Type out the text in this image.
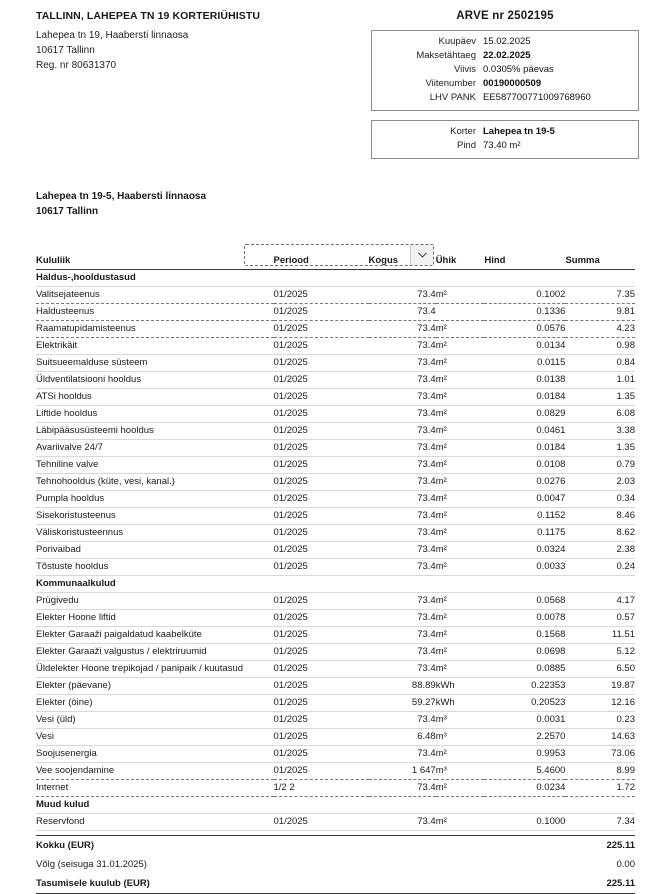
TALLINN, LAHEPEA TN 19 KORTERIÜHISTU
Lahepea tn 19, Haabersti linnaosa
10617 Tallinn
Reg. nr 80631370
ARVE nr 2502195
Kuupäev 15.02.2025
Maksetähtaeg 22.02.2025
Viivis 0.0305% päevas
Viitenumber 00190000509
LHV PANK EE587700771009768960
Korter Lahepea tn 19-5
Pind 73.40 m²
Lahepea tn 19-5, Haabersti linnaosa
10617 Tallinn
Kululiik	Periood	Kogus	Ühik	Hind	Summa
Haldus-,hooldustasud					
Valitsejateenus	01/2025	73.4	m²	0.1002	7.35
Haldusteenus	01/2025	73.4		0.1336	9.81
Raamatupidamisteenus	01/2025	73.4	m²	0.0576	4.23
Elektrikäit	01/2025	73.4	m²	0.0134	0.98
Suitsueemalduse süsteem	01/2025	73.4	m²	0.0115	0.84
Üldventilatsiooni hooldus	01/2025	73.4	m²	0.0138	1.01
ATSi hooldus	01/2025	73.4	m²	0.0184	1.35
Liftide hooldus	01/2025	73.4	m²	0.0829	6.08
Läbipääsusüsteemi hooldus	01/2025	73.4	m²	0.0461	3.38
Avariivalve 24/7	01/2025	73.4	m²	0.0184	1.35
Tehniline valve	01/2025	73.4	m²	0.0108	0.79
Tehnohooldus (küte, vesi, kanal.)	01/2025	73.4	m²	0.0276	2.03
Pumpla hooldus	01/2025	73.4	m²	0.0047	0.34
Sisekoristusteenus	01/2025	73.4	m²	0.1152	8.46
Väliskoristusteennus	01/2025	73.4	m²	0.1175	8.62
Porivaibad	01/2025	73.4	m²	0.0324	2.38
Tõstuste hooldus	01/2025	73.4	m²	0.0033	0.24
Kommunaalkulud					
Prügivedu	01/2025	73.4	m²	0.0568	4.17
Elekter Hoone liftid	01/2025	73.4	m²	0.0078	0.57
Elekter Garaaži paigaldatud kaabelküte	01/2025	73.4	m²	0.1568	11.51
Elekter Garaaži valgustus / elektriruumid	01/2025	73.4	m²	0.0698	5.12
Üldelekter Hoone trepikojad / panipaik / kuutasud	01/2025	73.4	m²	0.0885	6.50
Elekter (päevane)	01/2025	88.89	kWh	0.22353	19.87
Elekter (öine)	01/2025	59.27	kWh	0.20523	12.16
Vesi (üld)	01/2025	73.4	m³	0.0031	0.23
Vesi	01/2025	6.48	m³	2.2570	14.63
Soojusenergia	01/2025	73.4	m²	0.9953	73.06
Vee soojendamine	01/2025	1 647	m³	5.4600	8.99
Internet	1/2 2	73.4	m²	0.0234	1.72
Muud kulud					
Reservfond	01/2025	73.4	m²	0.1000	7.34
Kokku (EUR)	225.11
Võlg (seisuga 31.01.2025)	0.00
Tasumisele kuulub (EUR)	225.11
